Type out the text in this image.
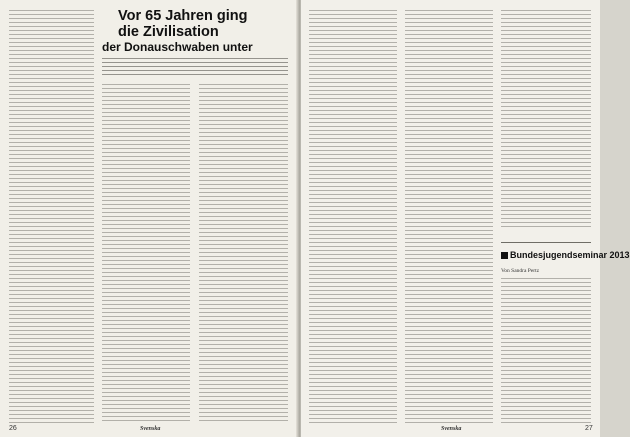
Vor 65 Jahren ging
die Zivilisation
der Donauschwaben unter
26	Svenska
Bundesjugendseminar 2013
Von Sandra Pertz
Svenska	27
